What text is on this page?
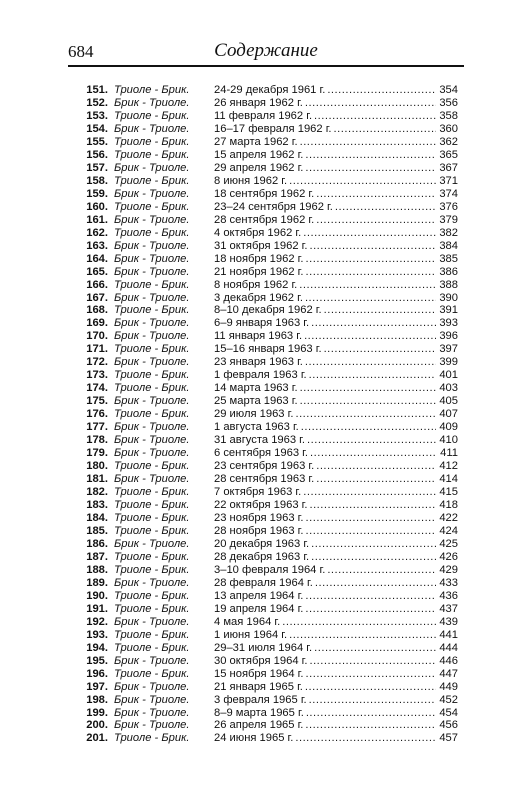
684	Содержание
151. Триоле - Брик.	24-29 декабря 1961 г. .....	354
152. Брик - Триоле.	26 января 1962 г. .....	356
153. Триоле - Брик.	11 февраля 1962 г. .....	358
154. Брик - Триоле.	16–17 февраля 1962 г. .....	360
155. Триоле - Брик.	27 марта 1962 г. .....	362
156. Триоле - Брик.	15 апреля 1962 г. .....	365
157. Брик - Триоле.	29 апреля 1962 г. .....	367
158. Триоле - Брик.	8 июня 1962 г. .....	371
159. Брик - Триоле.	18 сентября 1962 г. .....	374
160. Триоле - Брик.	23–24 сентября 1962 г. .....	376
161. Брик - Триоле.	28 сентября 1962 г. .....	379
162. Триоле - Брик.	4 октября 1962 г. .....	382
163. Брик - Триоле.	31 октября 1962 г. .....	384
164. Брик - Триоле.	18 ноября 1962 г. .....	385
165. Брик - Триоле.	21 ноября 1962 г. .....	386
166. Триоле - Брик.	8 ноября 1962 г. .....	388
167. Брик - Триоле.	3 декабря 1962 г. .....	390
168. Триоле - Брик.	8–10 декабря 1962 г. .....	391
169. Брик - Триоле.	6–9 января 1963 г. .....	393
170. Брик - Триоле.	11 января 1963 г. .....	396
171. Триоле - Брик.	15–16 января 1963 г. .....	397
172. Брик - Триоле.	23 января 1963 г. .....	399
173. Триоле - Брик.	1 февраля 1963 г. .....	401
174. Триоле - Брик.	14 марта 1963 г. .....	403
175. Брик - Триоле.	25 марта 1963 г. .....	405
176. Триоле - Брик.	29 июля 1963 г. .....	407
177. Брик - Триоле.	1 августа 1963 г. .....	409
178. Брик - Триоле.	31 августа 1963 г. .....	410
179. Брик - Триоле.	6 сентября 1963 г. .....	411
180. Триоле - Брик.	23 сентября 1963 г. .....	412
181. Брик - Триоле.	28 сентября 1963 г. .....	414
182. Триоле - Брик.	7 октября 1963 г. .....	415
183. Триоле - Брик.	22 октября 1963 г. .....	418
184. Триоле - Брик.	23 ноября 1963 г. .....	422
185. Триоле - Брик.	28 ноября 1963 г. .....	424
186. Брик - Триоле.	20 декабря 1963 г. .....	425
187. Триоле - Брик.	28 декабря 1963 г. .....	426
188. Триоле - Брик.	3–10 февраля 1964 г. .....	429
189. Брик - Триоле.	28 февраля 1964 г. .....	433
190. Триоле - Брик.	13 апреля 1964 г. .....	436
191. Триоле - Брик.	19 апреля 1964 г. .....	437
192. Брик - Триоле.	4 мая 1964 г. .....	439
193. Триоле - Брик.	1 июня 1964 г. .....	441
194. Триоле - Брик.	29–31 июля 1964 г. .....	444
195. Брик - Триоле.	30 октября 1964 г. .....	446
196. Триоле - Брик.	15 ноября 1964 г. .....	447
197. Брик - Триоле.	21 января 1965 г. .....	449
198. Брик - Триоле.	3 февраля 1965 г. .....	452
199. Брик - Триоле.	8–9 марта 1965 г. .....	454
200. Брик - Триоле.	26 апреля 1965 г. .....	456
201. Триоле - Брик.	24 июня 1965 г. .....	457
